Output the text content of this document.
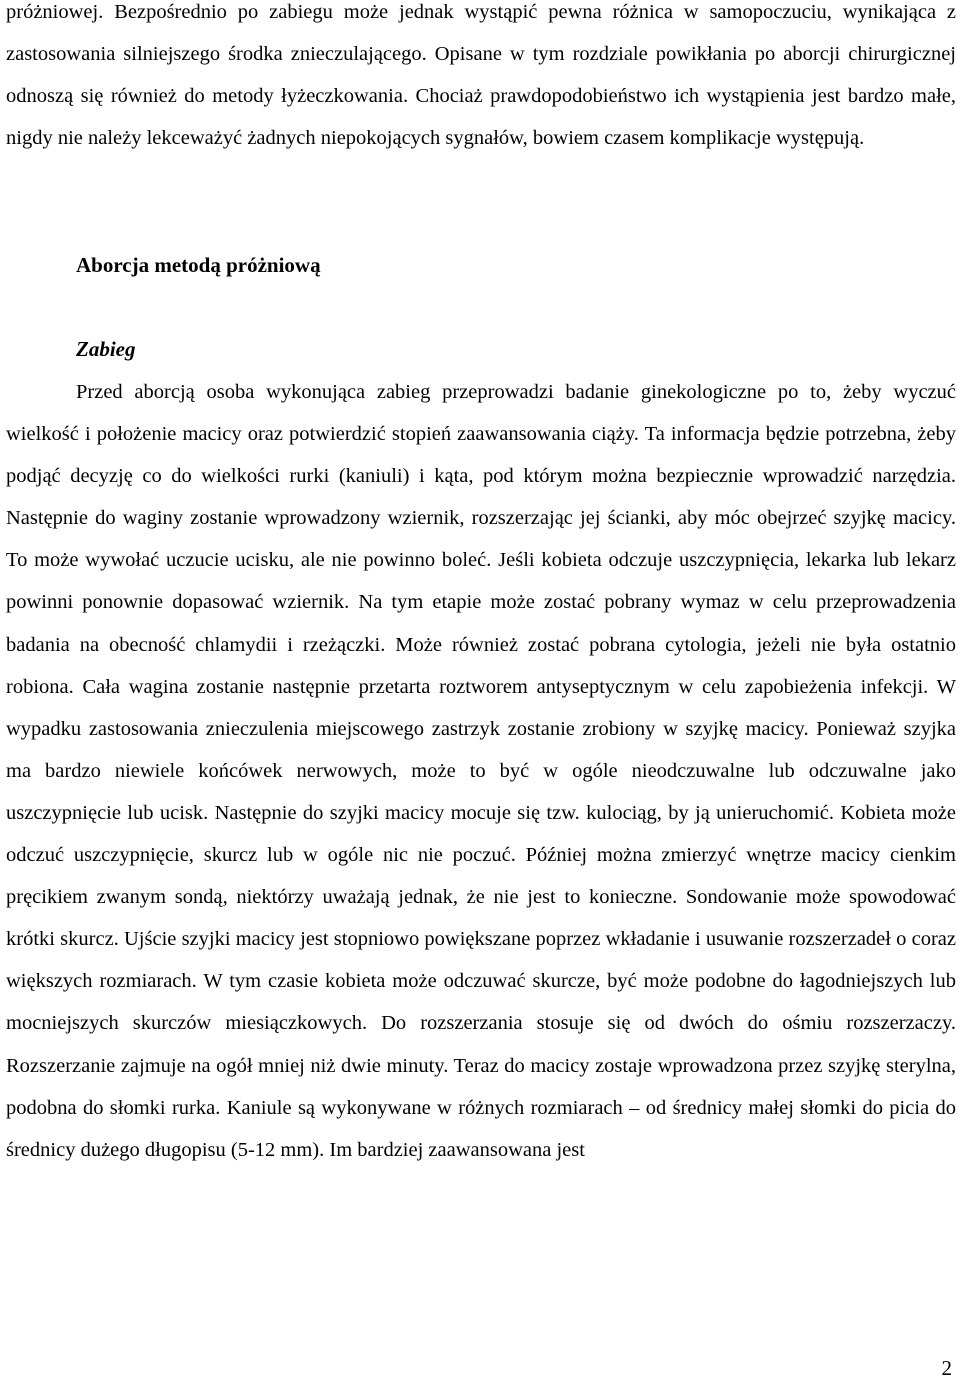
próżniowej. Bezpośrednio po zabiegu może jednak wystąpić pewna różnica w samopoczuciu, wynikająca z zastosowania silniejszego środka znieczulającego. Opisane w tym rozdziale powikłania po aborcji chirurgicznej odnoszą się również do metody łyżeczkowania. Chociaż prawdopodobieństwo ich wystąpienia jest bardzo małe, nigdy nie należy lekceważyć żadnych niepokojących sygnałów, bowiem czasem komplikacje występują.

Aborcja metodą próżniową
Zabieg

Przed aborcją osoba wykonująca zabieg przeprowadzi badanie ginekologiczne po to, żeby wyczuć wielkość i położenie macicy oraz potwierdzić stopień zaawansowania ciąży. Ta informacja będzie potrzebna, żeby podjąć decyzję co do wielkości rurki (kaniuli) i kąta, pod którym można bezpiecznie wprowadzić narzędzia. Następnie do waginy zostanie wprowadzony wziernik, rozszerzając jej ścianki, aby móc obejrzeć szyjkę macicy. To może wywołać uczucie ucisku, ale nie powinno boleć. Jeśli kobieta odczuje uszczypnięcia, lekarka lub lekarz powinni ponownie dopasować wziernik. Na tym etapie może zostać pobrany wymaz w celu przeprowadzenia badania na obecność chlamydii i rzeżączki. Może również zostać pobrana cytologia, jeżeli nie była ostatnio robiona. Cała wagina zostanie następnie przetarta roztworem antyseptycznym w celu zapobieżenia infekcji. W wypadku zastosowania znieczulenia miejscowego zastrzyk zostanie zrobiony w szyjkę macicy. Ponieważ szyjka ma bardzo niewiele końcówek nerwowych, może to być w ogóle nieodczuwalne lub odczuwalne jako uszczypnięcie lub ucisk. Następnie do szyjki macicy mocuje się tzw. kulociąg, by ją unieruchomić. Kobieta może odczuć uszczypnięcie, skurcz lub w ogóle nic nie poczuć. Później można zmierzyć wnętrze macicy cienkim pręcikiem zwanym sondą, niektórzy uważają jednak, że nie jest to konieczne. Sondowanie może spowodować krótki skurcz. Ujście szyjki macicy jest stopniowo powiększane poprzez wkładanie i usuwanie rozszerzadeł o coraz większych rozmiarach. W tym czasie kobieta może odczuwać skurcze, być może podobne do łagodniejszych lub mocniejszych skurczów miesiączkowych. Do rozszerzania stosuje się od dwóch do ośmiu rozszerzaczy. Rozszerzanie zajmuje na ogół mniej niż dwie minuty. Teraz do macicy zostaje wprowadzona przez szyjkę sterylna, podobna do słomki rurka. Kaniule są wykonywane w różnych rozmiarach – od średnicy małej słomki do picia do średnicy dużego długopisu (5-12 mm). Im bardziej zaawansowana jest

2
